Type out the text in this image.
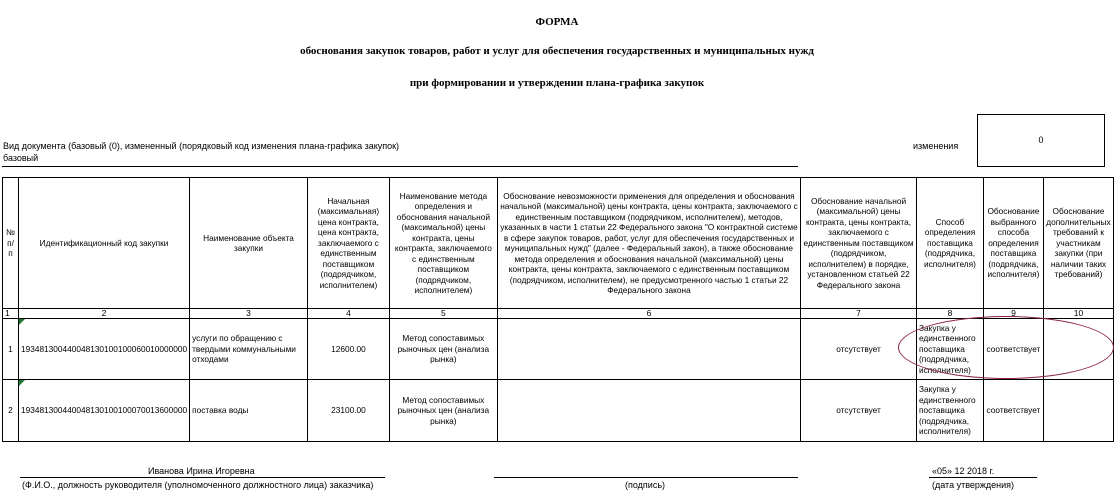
ФОРМА
обоснования закупок товаров, работ и услуг для обеспечения государственных и муниципальных нужд
при формировании и утверждении плана-графика закупок
Вид документа (базовый (0), измененный (порядковый код изменения плана-графика закупок)
базовый
изменения
0
№ п/п	Идентификационный код закупки	Наименование объекта закупки	Начальная (максимальная) цена контракта, цена контракта, заключаемого с единственным поставщиком (подрядчиком, исполнителем)	Наименование метода определения и обоснования начальной (максимальной) цены контракта, цены контракта, заключаемого с единственным поставщиком (подрядчиком, исполнителем)	Обоснование невозможности применения для определения и обоснования начальной (максимальной) цены контракта, цены контракта, заключаемого с единственным поставщиком (подрядчиком, исполнителем), методов, указанных в части 1 статьи 22 Федерального закона "О контрактной системе в сфере закупок товаров, работ, услуг для обеспечения государственных и муниципальных нужд" (далее - Федеральный закон), а также обоснование метода определения и обоснования начальной (максимальной) цены контракта, цены контракта, заключаемого с единственным поставщиком (подрядчиком, исполнителем), не предусмотренного частью 1 статьи 22 Федерального закона	Обоснование начальной (максимальной) цены контракта, цены контракта, заключаемого с единственным поставщиком (подрядчиком, исполнителем) в порядке, установленном статьей 22 Федерального закона	Способ определения поставщика (подрядчика, исполнителя)	Обоснование выбранного способа определения поставщика (подрядчика, исполнителя)	Обоснование дополнительных требований к участникам закупки (при наличии таких требований)
1	2	3	4	5	6	7	8	9	10
1	193481300440048130100100060010000000	услуги по обращению с твердыми коммунальными отходами	12600.00	Метод сопоставимых рыночных цен (анализа рынка)		отсутствует	Закупка у единственного поставщика (подрядчика, исполнителя)	соответствует	
2	193481300440048130100100070013600000	поставка воды	23100.00	Метод сопоставимых рыночных цен (анализа рынка)		отсутствует	Закупка у единственного поставщика (подрядчика, исполнителя)	соответствует	
Иванова Ирина Игоревна
(Ф.И.О., должность руководителя (уполномоченного должностного лица) заказчика)	(подпись)
«05» 12 2018 г.
(дата утверждения)
